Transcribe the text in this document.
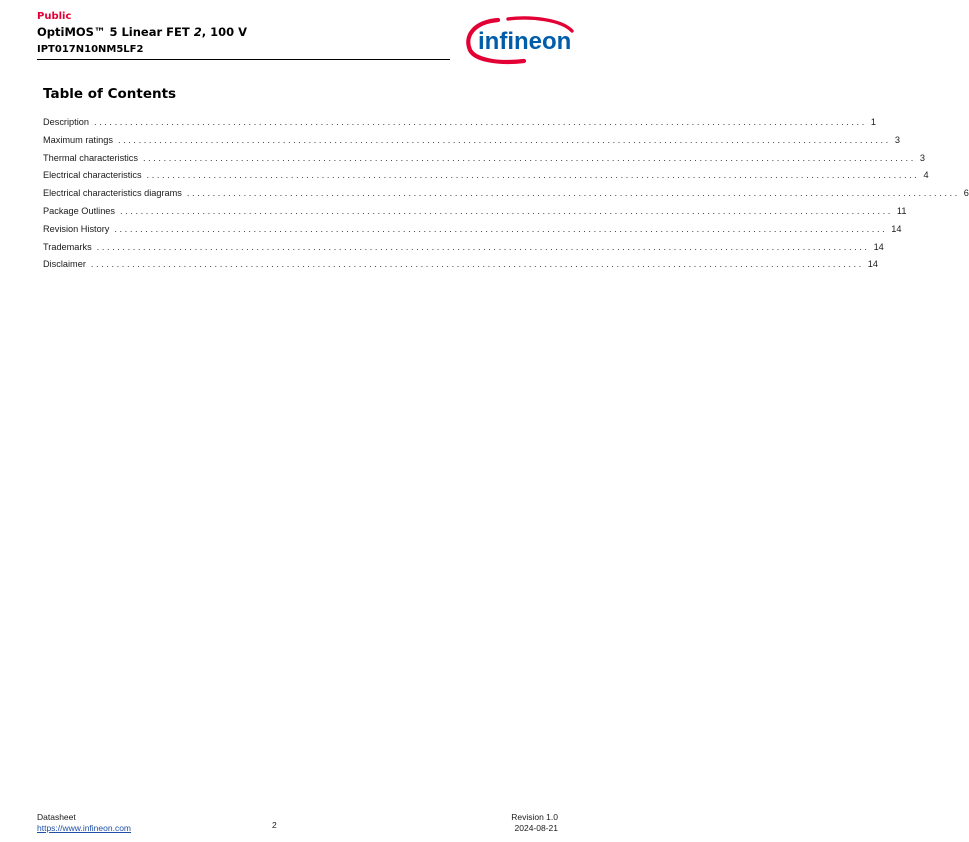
Public
OptiMOS™ 5 Linear FET 2, 100 V
IPT017N10NM5LF2	infineon
Table of Contents
Description ...................................................................................................................................................... 1
Maximum ratings ...................................................................................................................................................... 3
Thermal characteristics ...................................................................................................................................................... 3
Electrical characteristics ...................................................................................................................................................... 4
Electrical characteristics diagrams ...................................................................................................................................................... 6
Package Outlines ...................................................................................................................................................... 11
Revision History ...................................................................................................................................................... 14
Trademarks ...................................................................................................................................................... 14
Disclaimer ...................................................................................................................................................... 14
Datasheet
https://www.infineon.com	2
Revision 1.0
2024-08-21
